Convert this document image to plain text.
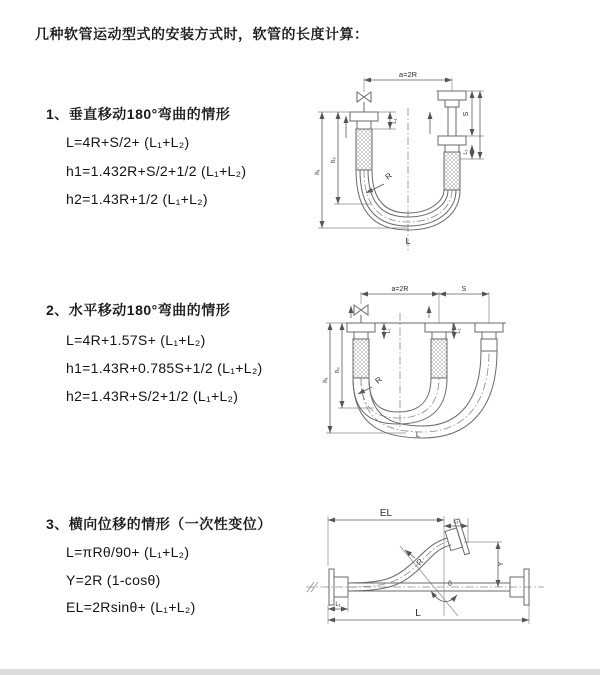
几种软管运动型式的安装方式时，软管的长度计算：
1、垂直移动180°弯曲的情形
L=4R+S/2+ (L₁+L₂)
h1=1.432R+S/2+1/2 (L₁+L₂)
h2=1.43R+1/2 (L₁+L₂)
a=2R
L₁
S
L₂
h₁
h₂
R
L
2、水平移动180°弯曲的情形
L=4R+1.57S+ (L₁+L₂)
h1=1.43R+0.785S+1/2 (L₁+L₂)
h2=1.43R+S/2+1/2 (L₁+L₂)
a=2R	S
L₁	L₂
h₁
h₂
R
L
3、横向位移的情形（一次性变位）
L=πRθ/90+ (L₁+L₂)
Y=2R (1-cosθ)
EL=2Rsinθ+ (L₁+L₂)
EL
L₁
Y
R
θ
L
L₁
